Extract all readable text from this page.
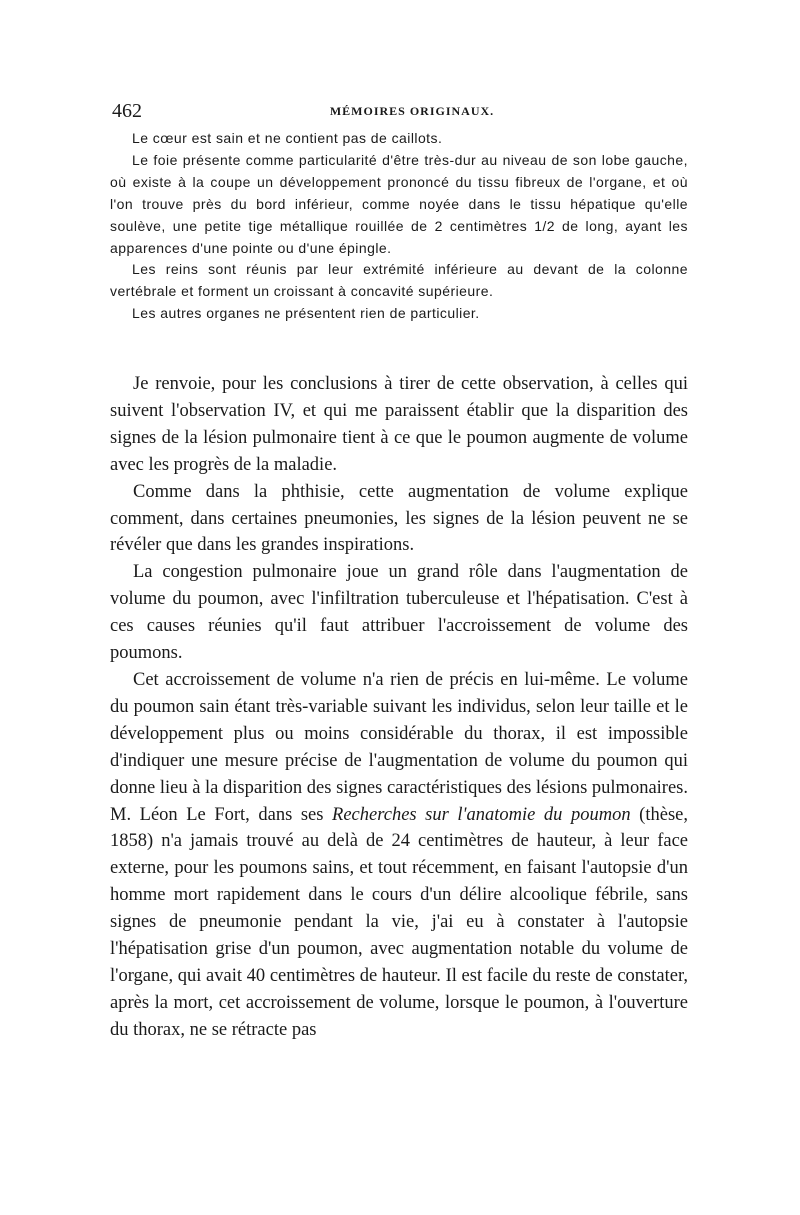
462	MÉMOIRES ORIGINAUX.

Le cœur est sain et ne contient pas de caillots.

Le foie présente comme particularité d'être très-dur au niveau de son lobe gauche, où existe à la coupe un développement prononcé du tissu fibreux de l'organe, et où l'on trouve près du bord inférieur, comme noyée dans le tissu hépatique qu'elle soulève, une petite tige métallique rouillée de 2 centimètres 1/2 de long, ayant les apparences d'une pointe ou d'une épingle.

Les reins sont réunis par leur extrémité inférieure au devant de la colonne vertébrale et forment un croissant à concavité supérieure.

Les autres organes ne présentent rien de particulier.

Je renvoie, pour les conclusions à tirer de cette observation, à celles qui suivent l'observation IV, et qui me paraissent établir que la disparition des signes de la lésion pulmonaire tient à ce que le poumon augmente de volume avec les progrès de la maladie.

Comme dans la phthisie, cette augmentation de volume explique comment, dans certaines pneumonies, les signes de la lésion peuvent ne se révéler que dans les grandes inspirations.

La congestion pulmonaire joue un grand rôle dans l'augmentation de volume du poumon, avec l'infiltration tuberculeuse et l'hépatisation. C'est à ces causes réunies qu'il faut attribuer l'accroissement de volume des poumons.

Cet accroissement de volume n'a rien de précis en lui-même. Le volume du poumon sain étant très-variable suivant les individus, selon leur taille et le développement plus ou moins considérable du thorax, il est impossible d'indiquer une mesure précise de l'augmentation de volume du poumon qui donne lieu à la disparition des signes caractéristiques des lésions pulmonaires. M. Léon Le Fort, dans ses Recherches sur l'anatomie du poumon (thèse, 1858) n'a jamais trouvé au delà de 24 centimètres de hauteur, à leur face externe, pour les poumons sains, et tout récemment, en faisant l'autopsie d'un homme mort rapidement dans le cours d'un délire alcoolique fébrile, sans signes de pneumonie pendant la vie, j'ai eu à constater à l'autopsie l'hépatisation grise d'un poumon, avec augmentation notable du volume de l'organe, qui avait 40 centimètres de hauteur. Il est facile du reste de constater, après la mort, cet accroissement de volume, lorsque le poumon, à l'ouverture du thorax, ne se rétracte pas
